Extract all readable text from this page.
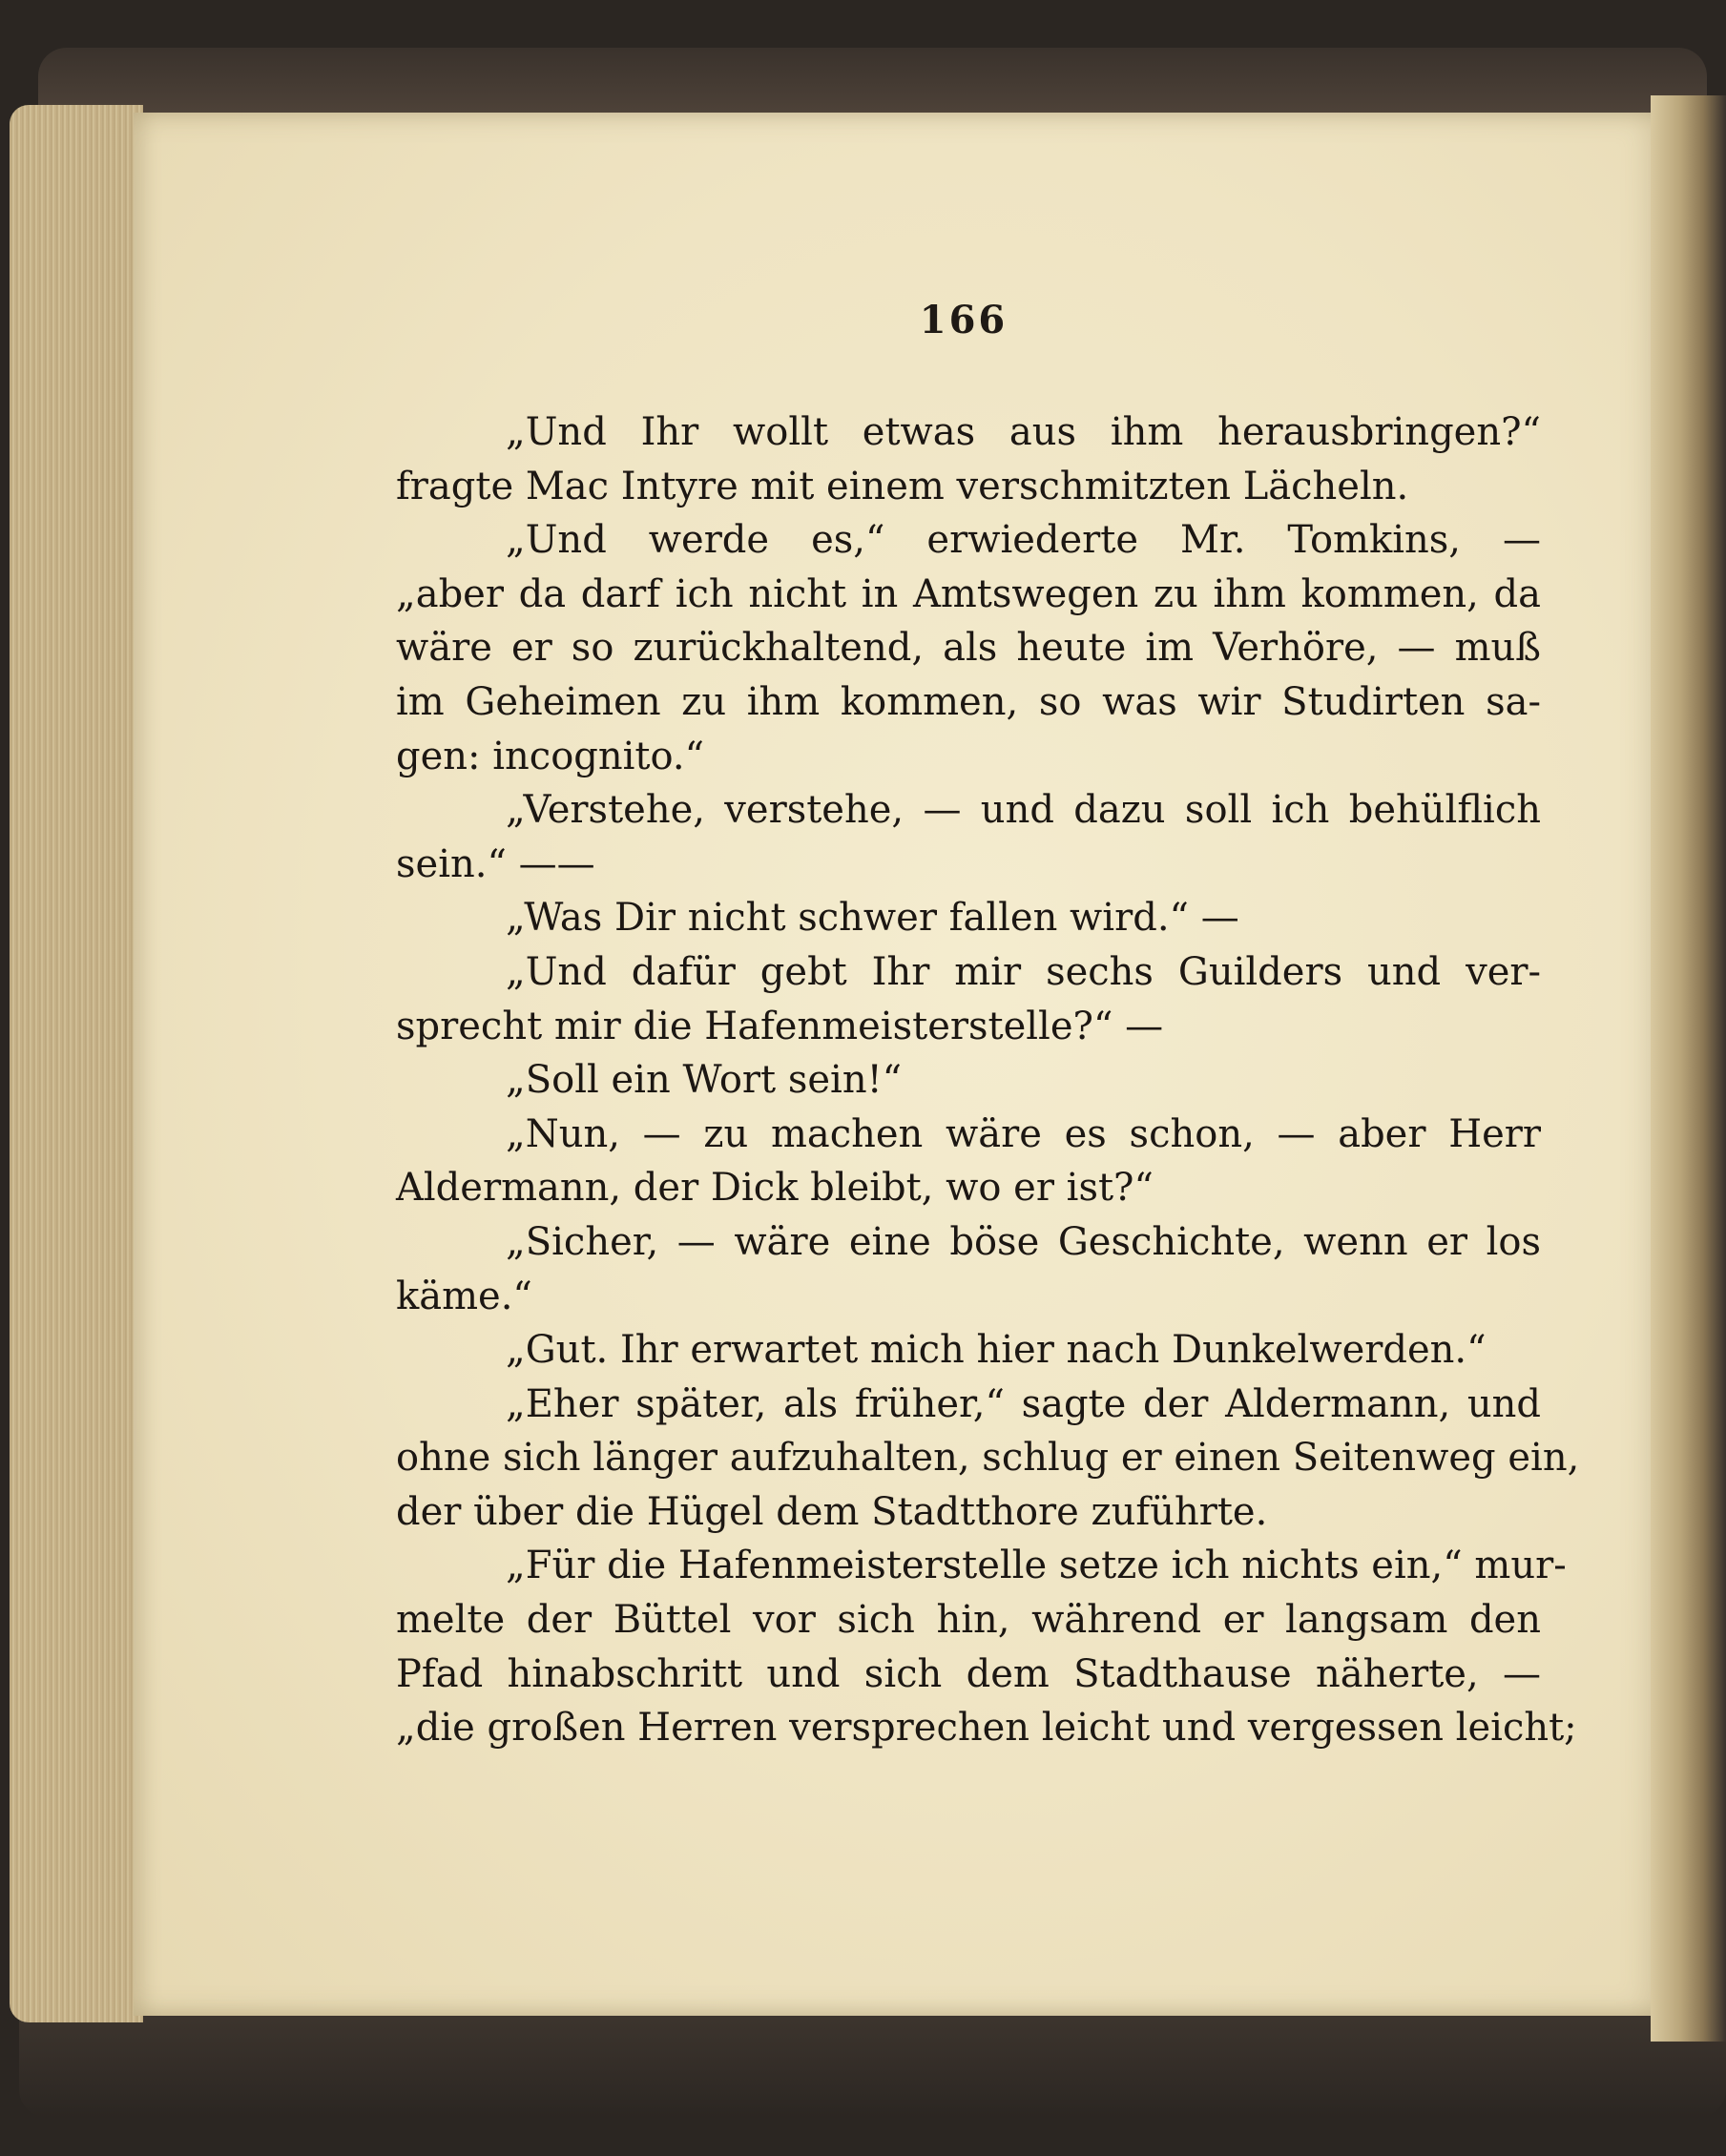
166
„Und Ihr wollt etwas aus ihm herausbringen?“
fragte Mac Intyre mit einem verschmitzten Lächeln.
„Und werde es,“ erwiederte Mr. Tomkins, —
„aber da darf ich nicht in Amtswegen zu ihm kommen, da
wäre er so zurückhaltend, als heute im Verhöre, — muß
im Geheimen zu ihm kommen, so was wir Studirten sa-
gen: incognito.“
„Verstehe, verstehe, — und dazu soll ich behülflich
sein.“ ——
„Was Dir nicht schwer fallen wird.“ —
„Und dafür gebt Ihr mir sechs Guilders und ver-
sprecht mir die Hafenmeisterstelle?“ —
„Soll ein Wort sein!“
„Nun, — zu machen wäre es schon, — aber Herr
Aldermann, der Dick bleibt, wo er ist?“
„Sicher, — wäre eine böse Geschichte, wenn er los
käme.“
„Gut. Ihr erwartet mich hier nach Dunkelwerden.“
„Eher später, als früher,“ sagte der Aldermann, und
ohne sich länger aufzuhalten, schlug er einen Seitenweg ein,
der über die Hügel dem Stadtthore zuführte.
„Für die Hafenmeisterstelle setze ich nichts ein,“ mur-
melte der Büttel vor sich hin, während er langsam den
Pfad hinabschritt und sich dem Stadthause näherte, —
„die großen Herren versprechen leicht und vergessen leicht;
